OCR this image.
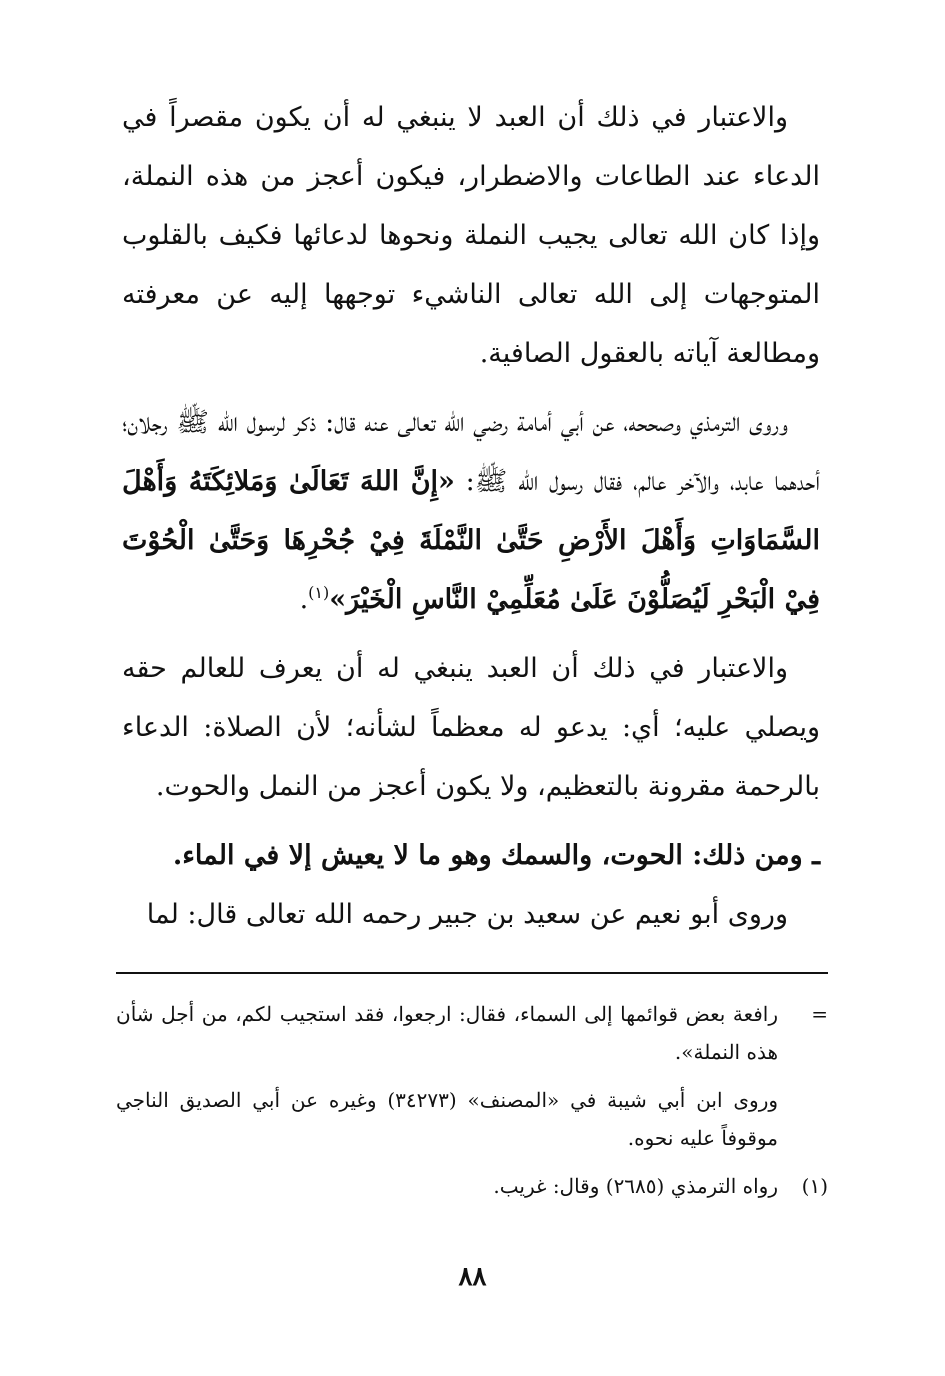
والاعتبار في ذلك أن العبد لا ينبغي له أن يكون مقصراً في الدعاء عند الطاعات والاضطرار، فيكون أعجز من هذه النملة، وإذا كان الله تعالى يجيب النملة ونحوها لدعائها فكيف بالقلوب المتوجهات إلى الله تعالى الناشيء توجهها إليه عن معرفته ومطالعة آياته بالعقول الصافية.

وروى الترمذي وصححه، عن أبي أمامة رضي الله تعالى عنه قال: ذكر لرسول الله ﷺ رجلان؛ أحدهما عابد، والآخر عالم، فقال رسول الله ﷺ: «إِنَّ اللهَ تَعَالَىٰ وَمَلائِكَتَهُ وَأَهْلَ السَّمَاوَاتِ وَأَهْلَ الأَرْضِ حَتَّىٰ النَّمْلَةَ فِيْ جُحْرِهَا وَحَتَّىٰ الْحُوْتَ فِيْ الْبَحْرِ لَيُصَلُّوْنَ عَلَىٰ مُعَلِّمِيْ النَّاسِ الْخَيْرَ»$^{(١)}$.

والاعتبار في ذلك أن العبد ينبغي له أن يعرف للعالم حقه ويصلي عليه؛ أي: يدعو له معظماً لشأنه؛ لأن الصلاة: الدعاء بالرحمة مقرونة بالتعظيم، ولا يكون أعجز من النمل والحوت.

ـ ومن ذلك: الحوت، والسمك وهو ما لا يعيش إلا في الماء.

وروى أبو نعيم عن سعيد بن جبير رحمه الله تعالى قال: لما

=
رافعة بعض قوائمها إلى السماء، فقال: ارجعوا، فقد استجيب لكم، من أجل شأن هذه النملة».
وروى ابن أبي شيبة في «المصنف» (٣٤٢٧٣) وغيره عن أبي الصديق الناجي موقوفاً عليه نحوه.
(١)
رواه الترمذي (٢٦٨٥) وقال: غريب.
٨٨
